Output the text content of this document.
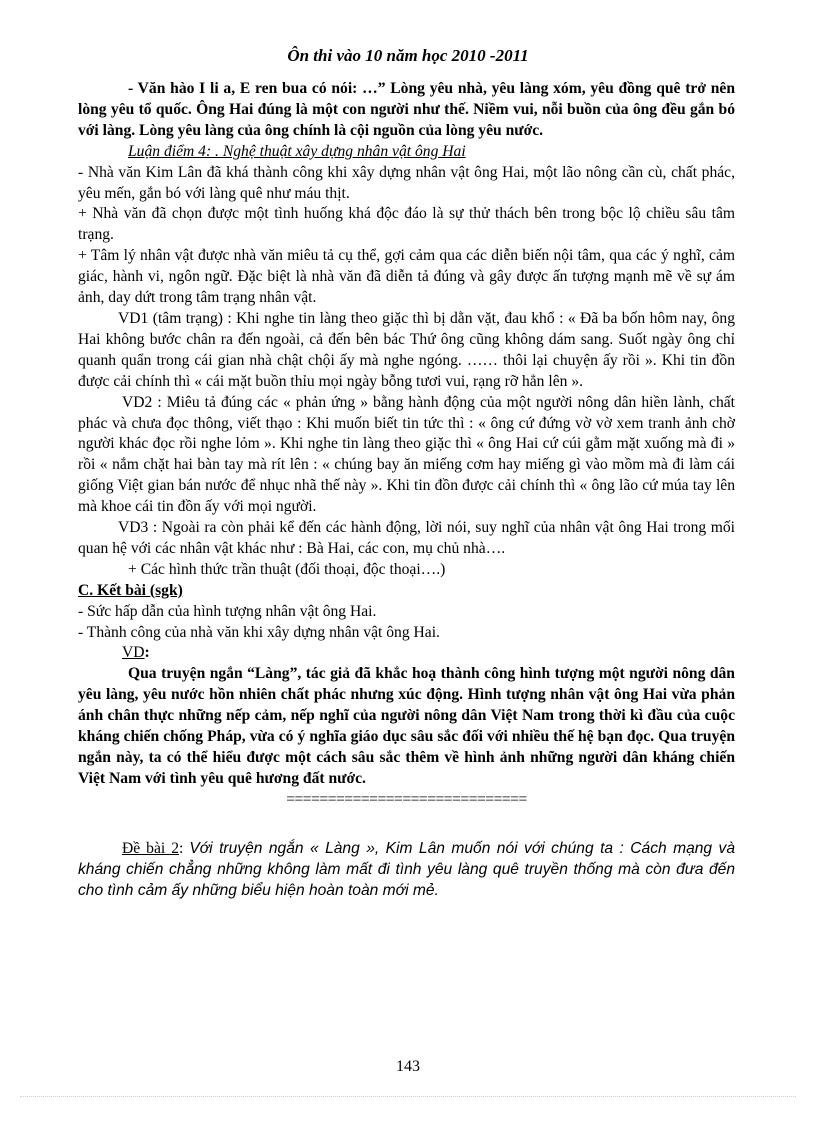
Ôn thi vào 10 năm học 2010 -2011

- Văn hào I li a, E ren bua có nói: …” Lòng yêu nhà, yêu làng xóm, yêu đồng quê trở nên lòng yêu tổ quốc. Ông Hai đúng là một con người như thế. Niềm vui, nỗi buồn của ông đều gắn bó với làng. Lòng yêu làng của ông chính là cội nguồn của lòng yêu nước.

Luận điểm 4: . Nghệ thuật xây dựng nhân vật ông Hai

- Nhà văn Kim Lân đã khá thành công khi xây dựng nhân vật ông Hai, một lão nông cần cù, chất phác, yêu mến, gắn bó với làng quê như máu thịt.

+ Nhà văn đã chọn được một tình huống khá độc đáo là sự thử thách bên trong bộc lộ chiều sâu tâm trạng.

+ Tâm lý nhân vật được nhà văn miêu tả cụ thể, gợi cảm qua các diễn biến nội tâm, qua các ý nghĩ, cảm giác, hành vi, ngôn ngữ. Đặc biệt là nhà văn đã diễn tả đúng và gây được ấn tượng mạnh mẽ về sự ám ảnh, day dứt trong tâm trạng nhân vật.

VD1 (tâm trạng) : Khi nghe tin làng theo giặc thì bị dằn vặt, đau khổ : « Đã ba bốn hôm nay, ông Hai không bước chân ra đến ngoài, cả đến bên bác Thứ ông cũng không dám sang. Suốt ngày ông chỉ quanh quẩn trong cái gian nhà chật chội ấy mà nghe ngóng. …… thôi lại chuyện ấy rồi ». Khi tin đồn được cải chính thì « cái mặt buồn thỉu mọi ngày bỗng tươi vui, rạng rỡ hẳn lên ».

VD2 : Miêu tả đúng các « phản ứng » bằng hành động của một người nông dân hiền lành, chất phác và chưa đọc thông, viết thạo : Khi muốn biết tin tức thì : « ông cứ đứng vờ vờ xem tranh ảnh chờ người khác đọc rồi nghe lỏm ». Khi nghe tin làng theo giặc thì « ông Hai cứ cúi gằm mặt xuống mà đi » rồi « nắm chặt hai bàn tay mà rít lên : « chúng bay ăn miếng cơm hay miếng gì vào mồm mà đi làm cái giống Việt gian bán nước để nhục nhã thế này ». Khi tin đồn được cải chính thì « ông lão cứ múa tay lên mà khoe cái tin đồn ấy với mọi người.

VD3 : Ngoài ra còn phải kể đến các hành động, lời nói, suy nghĩ của nhân vật ông Hai trong mối quan hệ với các nhân vật khác như : Bà Hai, các con, mụ chủ nhà….

+ Các hình thức trần thuật (đối thoại, độc thoại….)

C. Kết bài (sgk)

- Sức hấp dẫn của hình tượng nhân vật ông Hai.

- Thành công của nhà văn khi xây dựng nhân vật ông Hai.

VD:

Qua truyện ngắn “Làng”, tác giả đã khắc hoạ thành công hình tượng một người nông dân yêu làng, yêu nước hồn nhiên chất phác nhưng xúc động. Hình tượng nhân vật ông Hai vừa phản ánh chân thực những nếp cảm, nếp nghĩ của người nông dân Việt Nam trong thời kì đầu của cuộc kháng chiến chống Pháp, vừa có ý nghĩa giáo dục sâu sắc đối với nhiều thế hệ bạn đọc. Qua truyện ngắn này, ta có thể hiểu được một cách sâu sắc thêm về hình ảnh những người dân kháng chiến Việt Nam với tình yêu quê hương đất nước.

=============================

Đề bài 2: Với truyện ngắn « Làng », Kim Lân muốn nói với chúng ta : Cách mạng và kháng chiến chẳng những không làm mất đi tình yêu làng quê truyền thống mà còn đưa đến cho tình cảm ấy những biểu hiện hoàn toàn mới mẻ.

143
